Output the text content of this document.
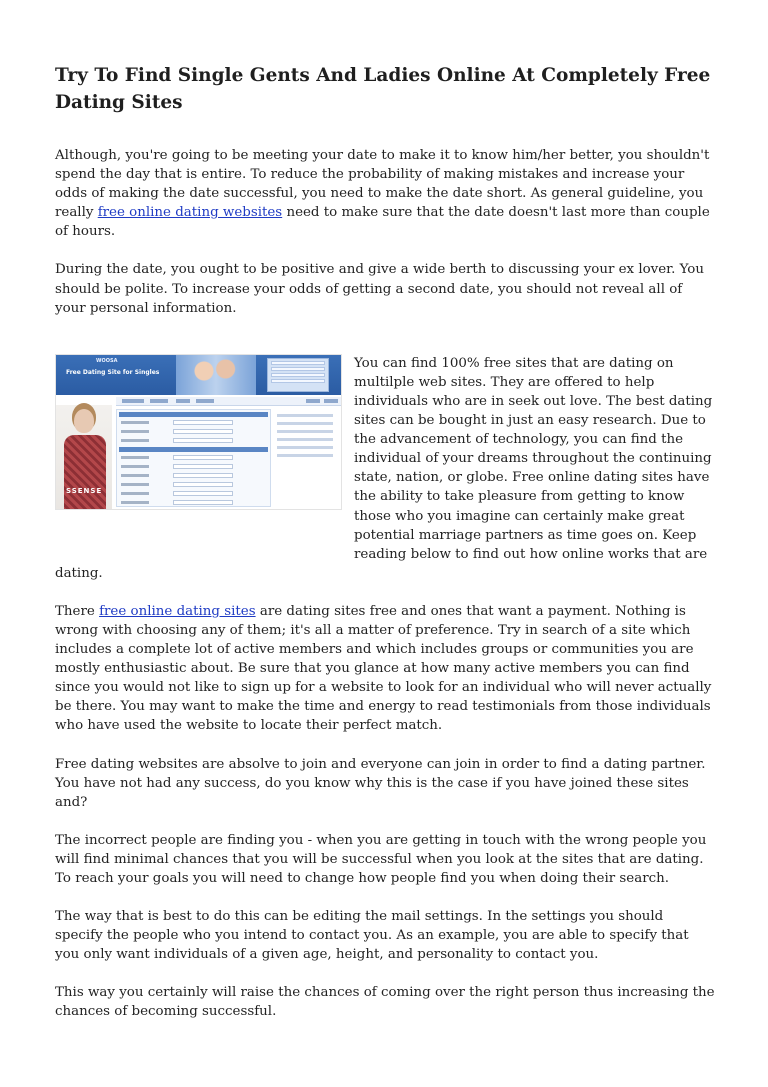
Try To Find Single Gents And Ladies Online At Completely Free Dating Sites

Although, you're going to be meeting your date to make it to know him/her better, you shouldn't spend the day that is entire. To reduce the probability of making mistakes and increase your odds of making the date successful, you need to make the date short. As general guideline, you really free online dating websites need to make sure that the date doesn't last more than couple of hours.

During the date, you ought to be positive and give a wide berth to discussing your ex lover. You should be polite. To increase your odds of getting a second date, you should not reveal all of your personal information.

WOOSA
Free Dating Site for Singles
SSENSE

You can find 100% free sites that are dating on multilple web sites. They are offered to help individuals who are in seek out love. The best dating sites can be bought in just an easy research. Due to the advancement of technology, you can find the individual of your dreams throughout the continuing state, nation, or globe. Free online dating sites have the ability to take pleasure from getting to know those who you imagine can certainly make great potential marriage partners as time goes on. Keep reading below to find out how online works that are dating.

There free online dating sites are dating sites free and ones that want a payment. Nothing is wrong with choosing any of them; it's all a matter of preference. Try in search of a site which includes a complete lot of active members and which includes groups or communities you are mostly enthusiastic about. Be sure that you glance at how many active members you can find since you would not like to sign up for a website to look for an individual who will never actually be there. You may want to make the time and energy to read testimonials from those individuals who have used the website to locate their perfect match.

Free dating websites are absolve to join and everyone can join in order to find a dating partner. You have not had any success, do you know why this is the case if you have joined these sites and?

The incorrect people are finding you - when you are getting in touch with the wrong people you will find minimal chances that you will be successful when you look at the sites that are dating. To reach your goals you will need to change how people find you when doing their search.

The way that is best to do this can be editing the mail settings. In the settings you should specify the people who you intend to contact you. As an example, you are able to specify that you only want individuals of a given age, height, and personality to contact you.

This way you certainly will raise the chances of coming over the right person thus increasing the chances of becoming successful.
